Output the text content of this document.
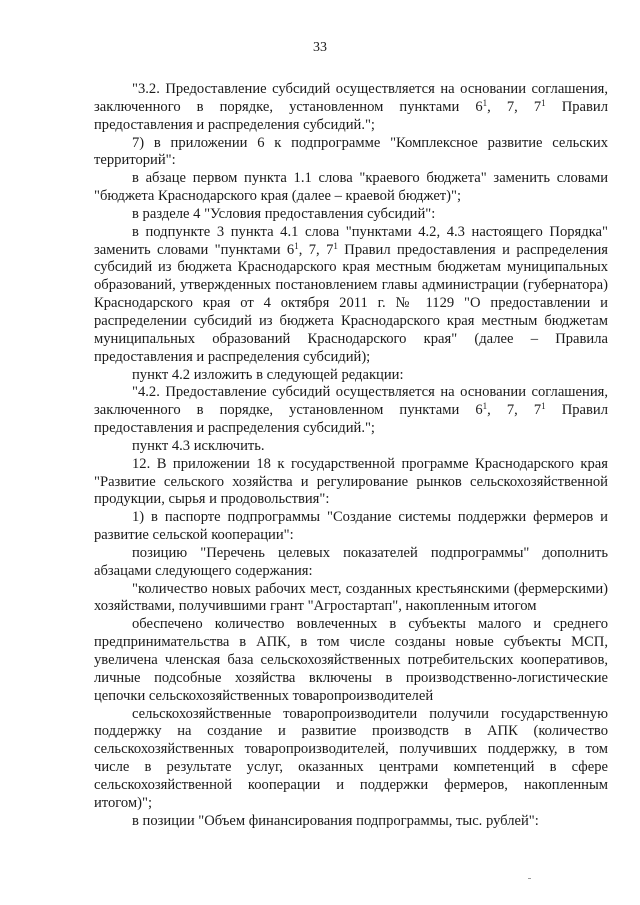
33

"3.2. Предоставление субсидий осуществляется на основании соглашения, заключенного в порядке, установленном пунктами $6^1$, 7, $7^1$ Правил предоставления и распределения субсидий.";

7) в приложении 6 к подпрограмме "Комплексное развитие сельских территорий":

в абзаце первом пункта 1.1 слова "краевого бюджета" заменить словами "бюджета Краснодарского края (далее – краевой бюджет)";

в разделе 4 "Условия предоставления субсидий":

в подпункте 3 пункта 4.1 слова "пунктами 4.2, 4.3 настоящего Порядка" заменить словами "пунктами $6^1$, 7, $7^1$ Правил предоставления и распределения субсидий из бюджета Краснодарского края местным бюджетам муниципальных образований, утвержденных постановлением главы администрации (губернатора) Краснодарского края от 4 октября 2011 г. № 1129 "О предоставлении и распределении субсидий из бюджета Краснодарского края местным бюджетам муниципальных образований Краснодарского края" (далее – Правила предоставления и распределения субсидий);

пункт 4.2 изложить в следующей редакции:

"4.2. Предоставление субсидий осуществляется на основании соглашения, заключенного в порядке, установленном пунктами $6^1$, 7, $7^1$ Правил предоставления и распределения субсидий.";

пункт 4.3 исключить.

12. В приложении 18 к государственной программе Краснодарского края "Развитие сельского хозяйства и регулирование рынков сельскохозяйственной продукции, сырья и продовольствия":

1) в паспорте подпрограммы "Создание системы поддержки фермеров и развитие сельской кооперации":

позицию "Перечень целевых показателей подпрограммы" дополнить абзацами следующего содержания:

"количество новых рабочих мест, созданных крестьянскими (фермерскими) хозяйствами, получившими грант "Агростартап", накопленным итогом

обеспечено количество вовлеченных в субъекты малого и среднего предпринимательства в АПК, в том числе созданы новые субъекты МСП, увеличена членская база сельскохозяйственных потребительских кооперативов, личные подсобные хозяйства включены в производственно-логистические цепочки сельскохозяйственных товаропроизводителей

сельскохозяйственные товаропроизводители получили государственную поддержку на создание и развитие производств в АПК (количество сельскохозяйственных товаропроизводителей, получивших поддержку, в том числе в результате услуг, оказанных центрами компетенций в сфере сельскохозяйственной кооперации и поддержки фермеров, накопленным итогом)";

в позиции "Объем финансирования подпрограммы, тыс. рублей":
